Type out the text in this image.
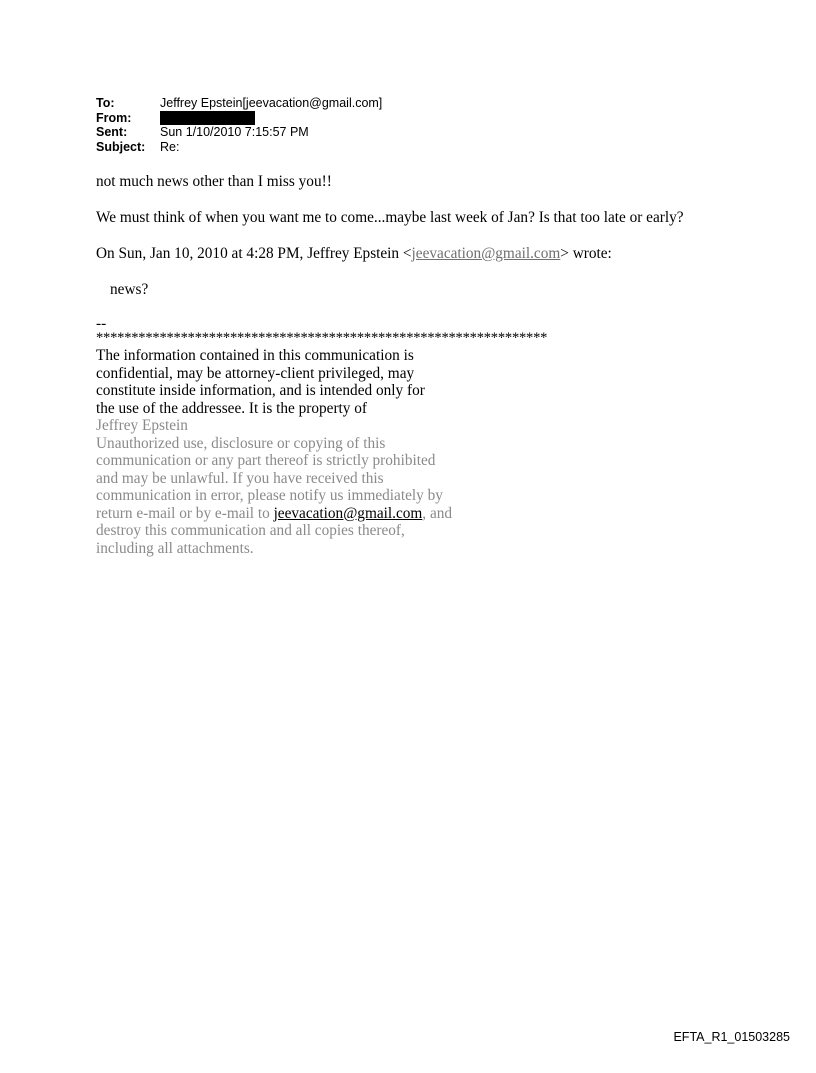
To:	Jeffrey Epstein[jeevacation@gmail.com]
From:
Sent:	Sun 1/10/2010 7:15:57 PM
Subject:	Re:

not much news other than I miss you!!

We must think of when you want me to come...maybe last week of Jan? Is that too late or early?

On Sun, Jan 10, 2010 at 4:28 PM, Jeffrey Epstein <jeevacation@gmail.com> wrote:

news?

--
****************************************************************
The information contained in this communication is
confidential, may be attorney-client privileged, may
constitute inside information, and is intended only for
the use of the addressee. It is the property of
Jeffrey Epstein
Unauthorized use, disclosure or copying of this
communication or any part thereof is strictly prohibited
and may be unlawful. If you have received this
communication in error, please notify us immediately by
return e-mail or by e-mail to jeevacation@gmail.com, and
destroy this communication and all copies thereof,
including all attachments.
EFTA_R1_01503285
